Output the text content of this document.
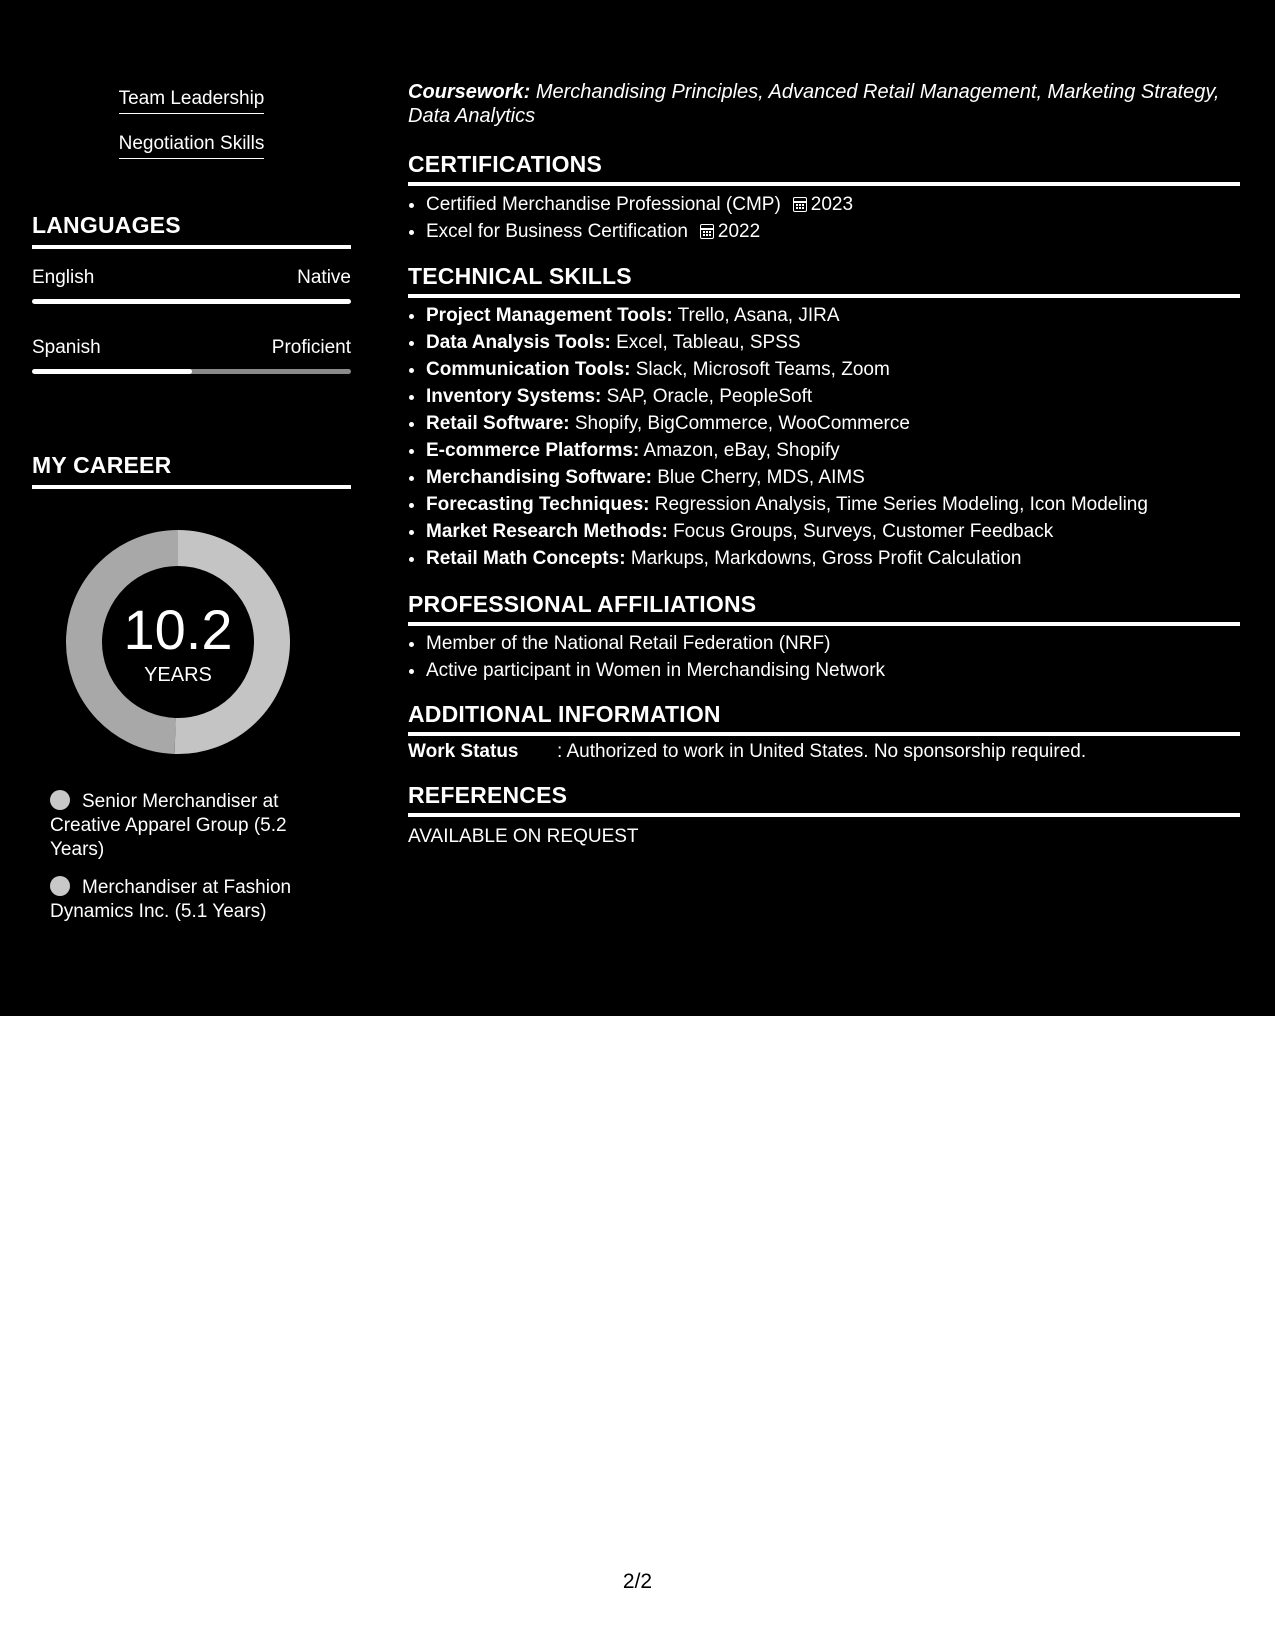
Team Leadership
Negotiation Skills
LANGUAGES
English	Native
Spanish	Proficient
MY CAREER
10.2
YEARS
Senior Merchandiser at Creative Apparel Group (5.2 Years)
Merchandiser at Fashion Dynamics Inc. (5.1 Years)
Coursework: Merchandising Principles, Advanced Retail Management, Marketing Strategy, Data Analytics
CERTIFICATIONS
• Certified Merchandise Professional (CMP) 2023
• Excel for Business Certification 2022
TECHNICAL SKILLS
• Project Management Tools: Trello, Asana, JIRA
• Data Analysis Tools: Excel, Tableau, SPSS
• Communication Tools: Slack, Microsoft Teams, Zoom
• Inventory Systems: SAP, Oracle, PeopleSoft
• Retail Software: Shopify, BigCommerce, WooCommerce
• E-commerce Platforms: Amazon, eBay, Shopify
• Merchandising Software: Blue Cherry, MDS, AIMS
• Forecasting Techniques: Regression Analysis, Time Series Modeling, Icon Modeling
• Market Research Methods: Focus Groups, Surveys, Customer Feedback
• Retail Math Concepts: Markups, Markdowns, Gross Profit Calculation
PROFESSIONAL AFFILIATIONS
• Member of the National Retail Federation (NRF)
• Active participant in Women in Merchandising Network
ADDITIONAL INFORMATION
Work Status : Authorized to work in United States. No sponsorship required.
REFERENCES
AVAILABLE ON REQUEST
2/2
